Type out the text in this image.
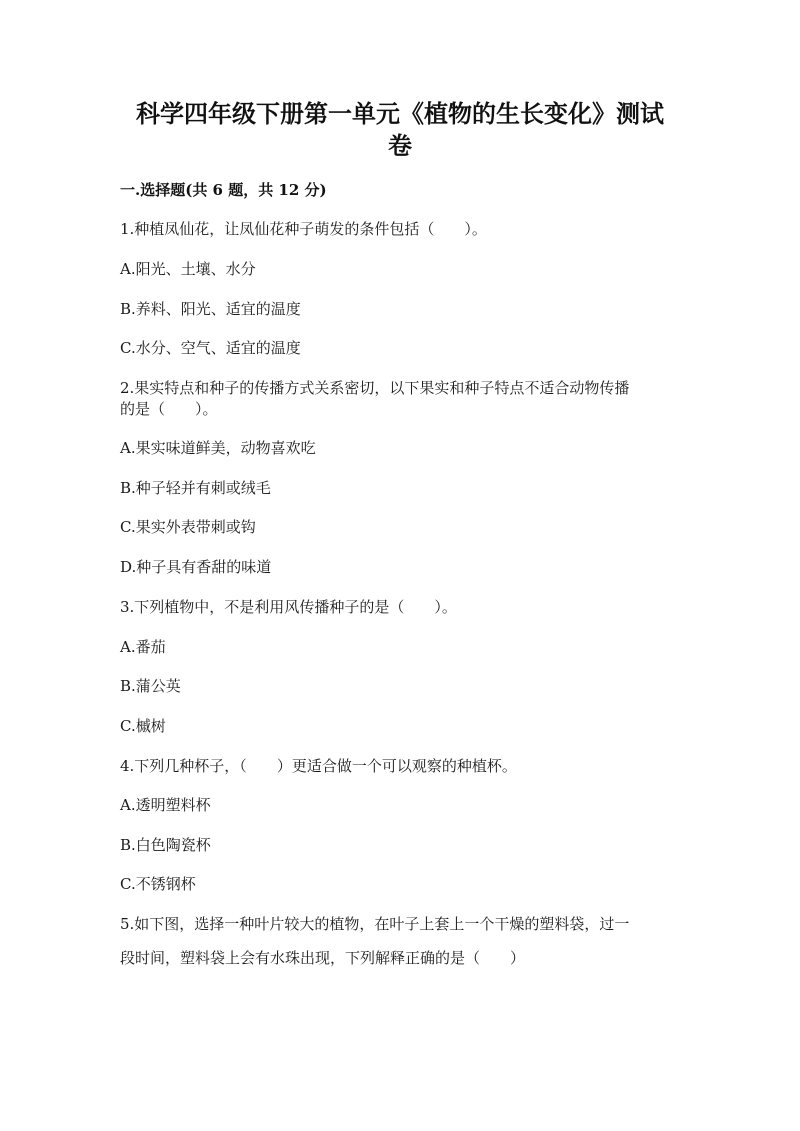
科学四年级下册第一单元《植物的生长变化》测试
卷
一.选择题(共 6 题，共 12 分)
1.种植凤仙花，让凤仙花种子萌发的条件包括（　　）。
A.阳光、土壤、水分
B.养料、阳光、适宜的温度
C.水分、空气、适宜的温度
2.果实特点和种子的传播方式关系密切，以下果实和种子特点不适合动物传播
的是（　　）。
A.果实味道鲜美，动物喜欢吃
B.种子轻并有刺或绒毛
C.果实外表带刺或钩
D.种子具有香甜的味道
3.下列植物中，不是利用风传播种子的是（　　）。
A.番茄
B.蒲公英
C.槭树
4.下列几种杯子，（　　）更适合做一个可以观察的种植杯。
A.透明塑料杯
B.白色陶瓷杯
C.不锈钢杯
5.如下图，选择一种叶片较大的植物，在叶子上套上一个干燥的塑料袋，过一
段时间，塑料袋上会有水珠出现，下列解释正确的是（　　）
